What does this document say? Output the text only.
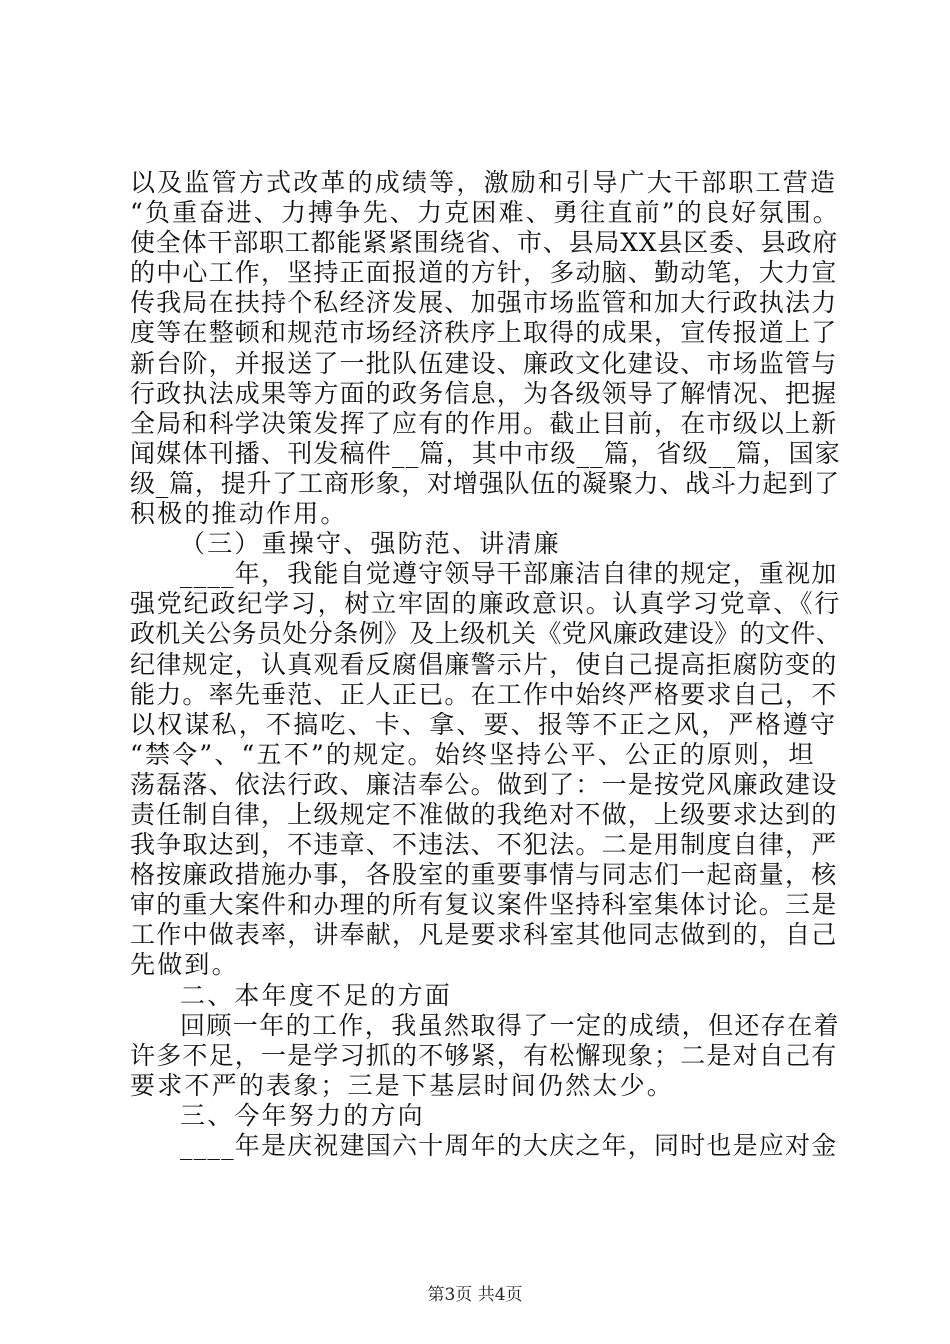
以及监管方式改革的成绩等，激励和引导广大干部职工营造
“负重奋进、力搏争先、力克困难、勇往直前”的良好氛围。
使全体干部职工都能紧紧围绕省、市、县局XX县区委、县政府
的中心工作，坚持正面报道的方针，多动脑、勤动笔，大力宣
传我局在扶持个私经济发展、加强市场监管和加大行政执法力
度等在整顿和规范市场经济秩序上取得的成果，宣传报道上了
新台阶，并报送了一批队伍建设、廉政文化建设、市场监管与
行政执法成果等方面的政务信息，为各级领导了解情况、把握
全局和科学决策发挥了应有的作用。截止目前，在市级以上新
闻媒体刊播、刊发稿件__篇，其中市级__篇，省级__篇，国家
级_篇，提升了工商形象，对增强队伍的凝聚力、战斗力起到了
积极的推动作用。
（三）重操守、强防范、讲清廉
____年，我能自觉遵守领导干部廉洁自律的规定，重视加
强党纪政纪学习，树立牢固的廉政意识。认真学习党章、《行
政机关公务员处分条例》及上级机关《党风廉政建设》的文件、
纪律规定，认真观看反腐倡廉警示片，使自己提高拒腐防变的
能力。率先垂范、正人正已。在工作中始终严格要求自己，不
以权谋私，不搞吃、卡、拿、要、报等不正之风，严格遵守
“禁令”、“五不”的规定。始终坚持公平、公正的原则，坦
荡磊落、依法行政、廉洁奉公。做到了：一是按党风廉政建设
责任制自律，上级规定不准做的我绝对不做，上级要求达到的
我争取达到，不违章、不违法、不犯法。二是用制度自律，严
格按廉政措施办事，各股室的重要事情与同志们一起商量，核
审的重大案件和办理的所有复议案件坚持科室集体讨论。三是
工作中做表率，讲奉献，凡是要求科室其他同志做到的，自己
先做到。
二、本年度不足的方面
回顾一年的工作，我虽然取得了一定的成绩，但还存在着
许多不足，一是学习抓的不够紧，有松懈现象；二是对自己有
要求不严的表象；三是下基层时间仍然太少。
三、今年努力的方向
____年是庆祝建国六十周年的大庆之年，同时也是应对金
第3页 共4页
